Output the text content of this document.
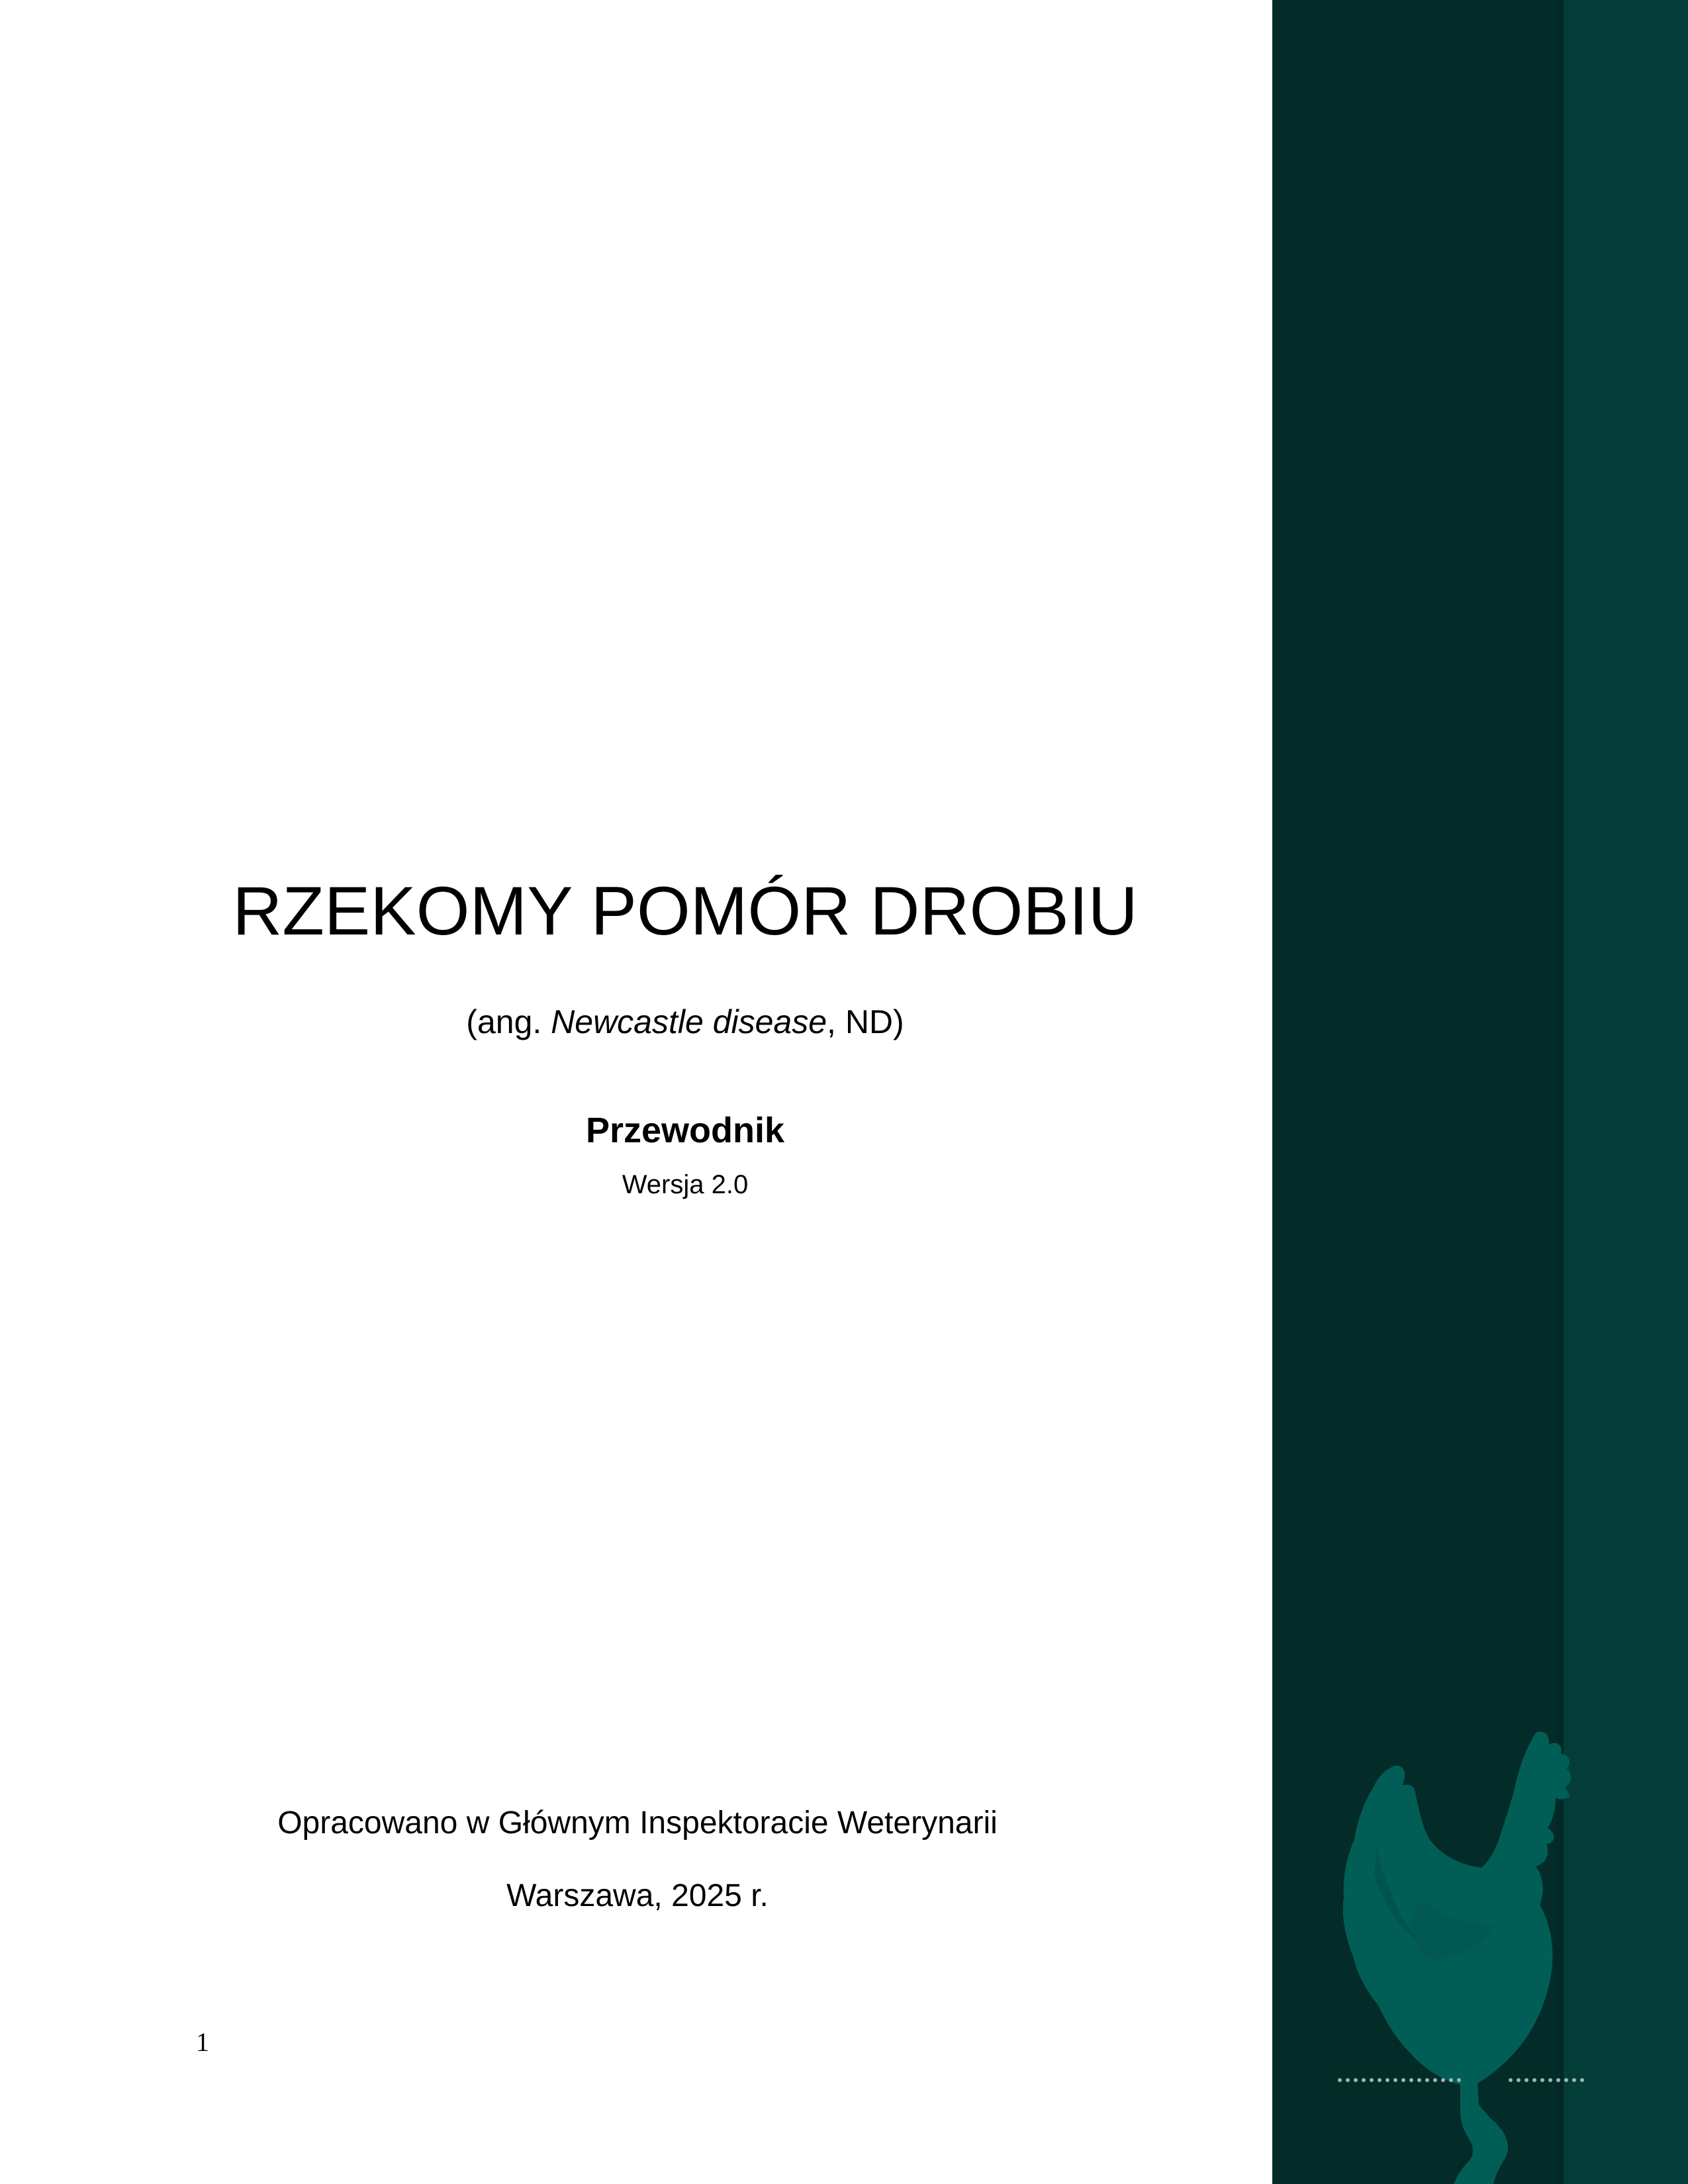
RZEKOMY POMÓR DROBIU
(ang. Newcastle disease, ND)
Przewodnik
Wersja 2.0
Opracowano w Głównym Inspektoracie Weterynarii
Warszawa, 2025 r.
1
